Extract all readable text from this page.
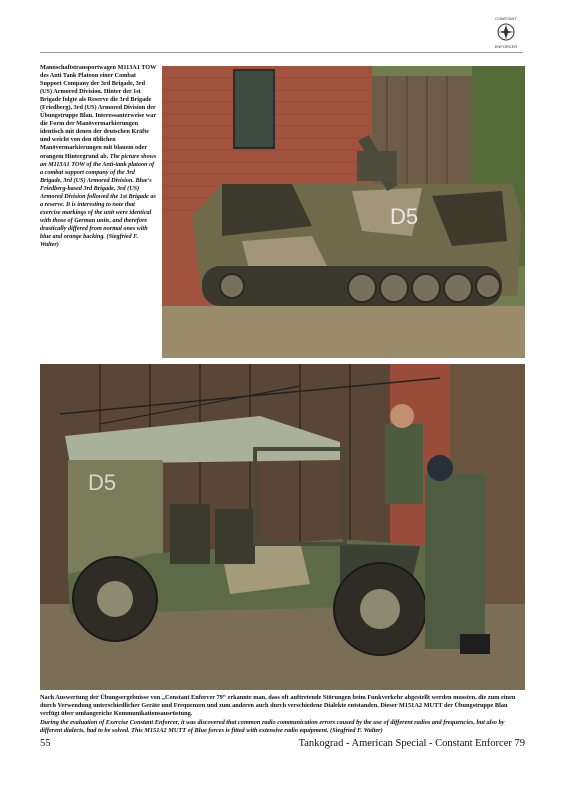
CONSTANT
ENFORCER
Mannschaftstransportwagen M113A1 TOW des Anti Tank Platoon einer Combat Support Company der 3rd Brigade, 3rd (US) Armored Division. Hinter der 1st Brigade folgte als Reserve die 3rd Brigade (Friedberg), 3rd (US) Armored Division der Übungstruppe Blau. Interessanterweise war die Form der Manövermarkierungen identisch mit denen der deutschen Kräfte und weicht von den üblichen Manövermarkierungen mit blauem oder orangem Hintergrund ab. The picture shows an M113A1 TOW of the Anti-tank platoon of a combat support company of the 3rd Brigade, 3rd (US) Armored Division. Blue's Friedberg-based 3rd Brigade, 3rd (US) Armored Division followed the 1st Brigade as a reserve. It is interesting to note that exercise markings of the unit were identical with those of German units, and therefore drastically differed from normal ones with blue and orange backing. (Siegfried F. Walter)
D5
D5
Nach Auswertung der Übungsergebnisse von „Constant Enforcer 79“ erkannte man, dass oft auftretende Störungen beim Funkverkehr abgestellt werden mussten, die zum einen durch Verwendung unterschiedlicher Geräte und Frequenzen und zum anderen auch durch verschiedene Dialekte entstanden. Dieser M151A2 MUTT der Übungstruppe Blau verfügt über umfangreiche Kommunikationsausrüstung.
During the evaluation of Exercise Constant Enforcer, it was discovered that common radio communication errors caused by the use of different radios and frequencies, but also by different dialects, had to be solved. This M151A2 MUTT of Blue forces is fitted with extensive radio equipment. (Siegfried F. Walter)
55	Tankograd - American Special - Constant Enforcer 79
